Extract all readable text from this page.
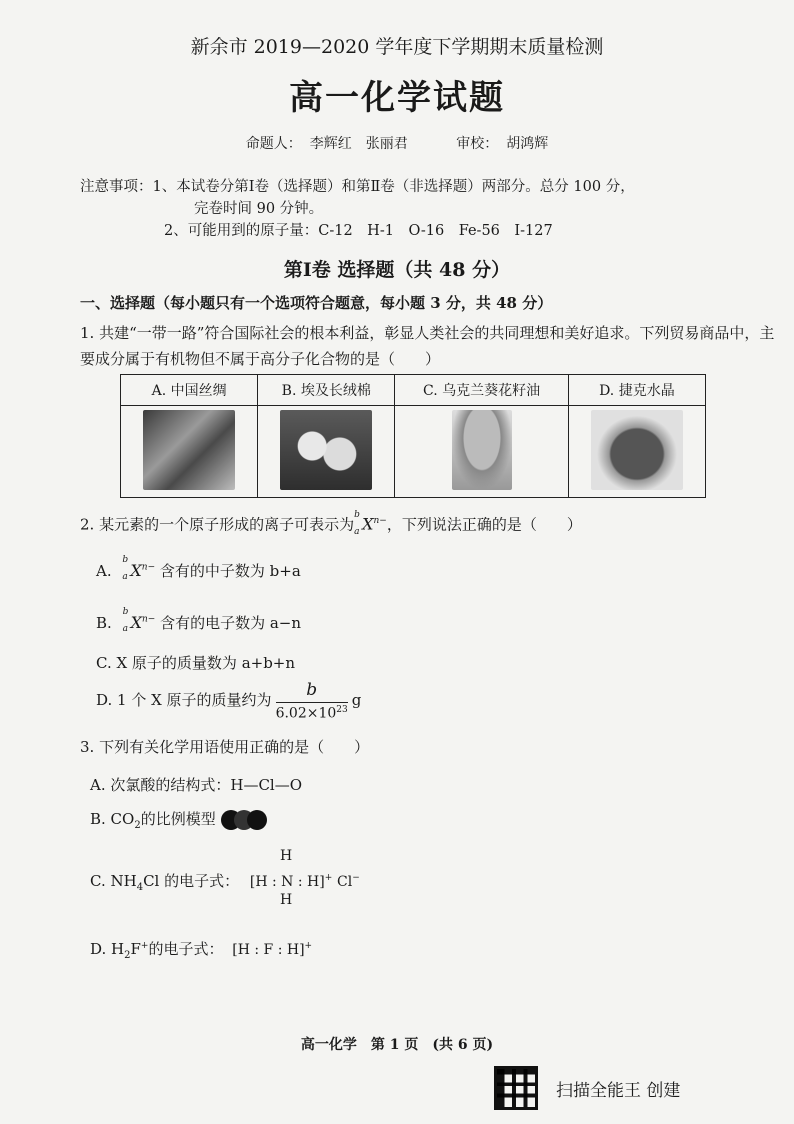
新余市 2019—2020 学年度下学期期末质量检测
高一化学试题
命题人： 李辉红　张丽君	审校： 胡鸿辉
注意事项：1、本试卷分第Ⅰ卷（选择题）和第Ⅱ卷（非选择题）两部分。总分 100 分，
完卷时间 90 分钟。
2、可能用到的原子量：C-12　H-1　O-16　Fe-56　I-127
第Ⅰ卷 选择题（共 48 分）
一、选择题（每小题只有一个选项符合题意，每小题 3 分，共 48 分）
1. 共建“一带一路”符合国际社会的根本利益，彰显人类社会的共同理想和美好追求。下列贸易商品中，主要成分属于有机物但不属于高分子化合物的是（　　）
A. 中国丝绸	B. 埃及长绒棉	C. 乌克兰葵花籽油	D. 捷克水晶

2. 某元素的一个原子形成的离子可表示为
b
a $X^{n-}$，下列说法正确的是（　　）
A.
b
a $X^{n-}$ 含有的中子数为 b+a
B.
b
a $X^{n-}$ 含有的电子数为 a−n
C. X 原子的质量数为 a+b+n
D. 1 个 X 原子的质量约为 $\frac{b}{6.02\times 10^{23}}$ g
3. 下列有关化学用语使用正确的是（　　）
A. 次氯酸的结构式：H—Cl—O
B. $CO_2$的比例模型
H
C. $NH_4Cl$ 的电子式： [H : N : H]+ Cl−
H
D. $H_2F^+$的电子式： [H : F : H]+
高一化学　第 1 页　(共 6 页)
扫描全能王 创建
